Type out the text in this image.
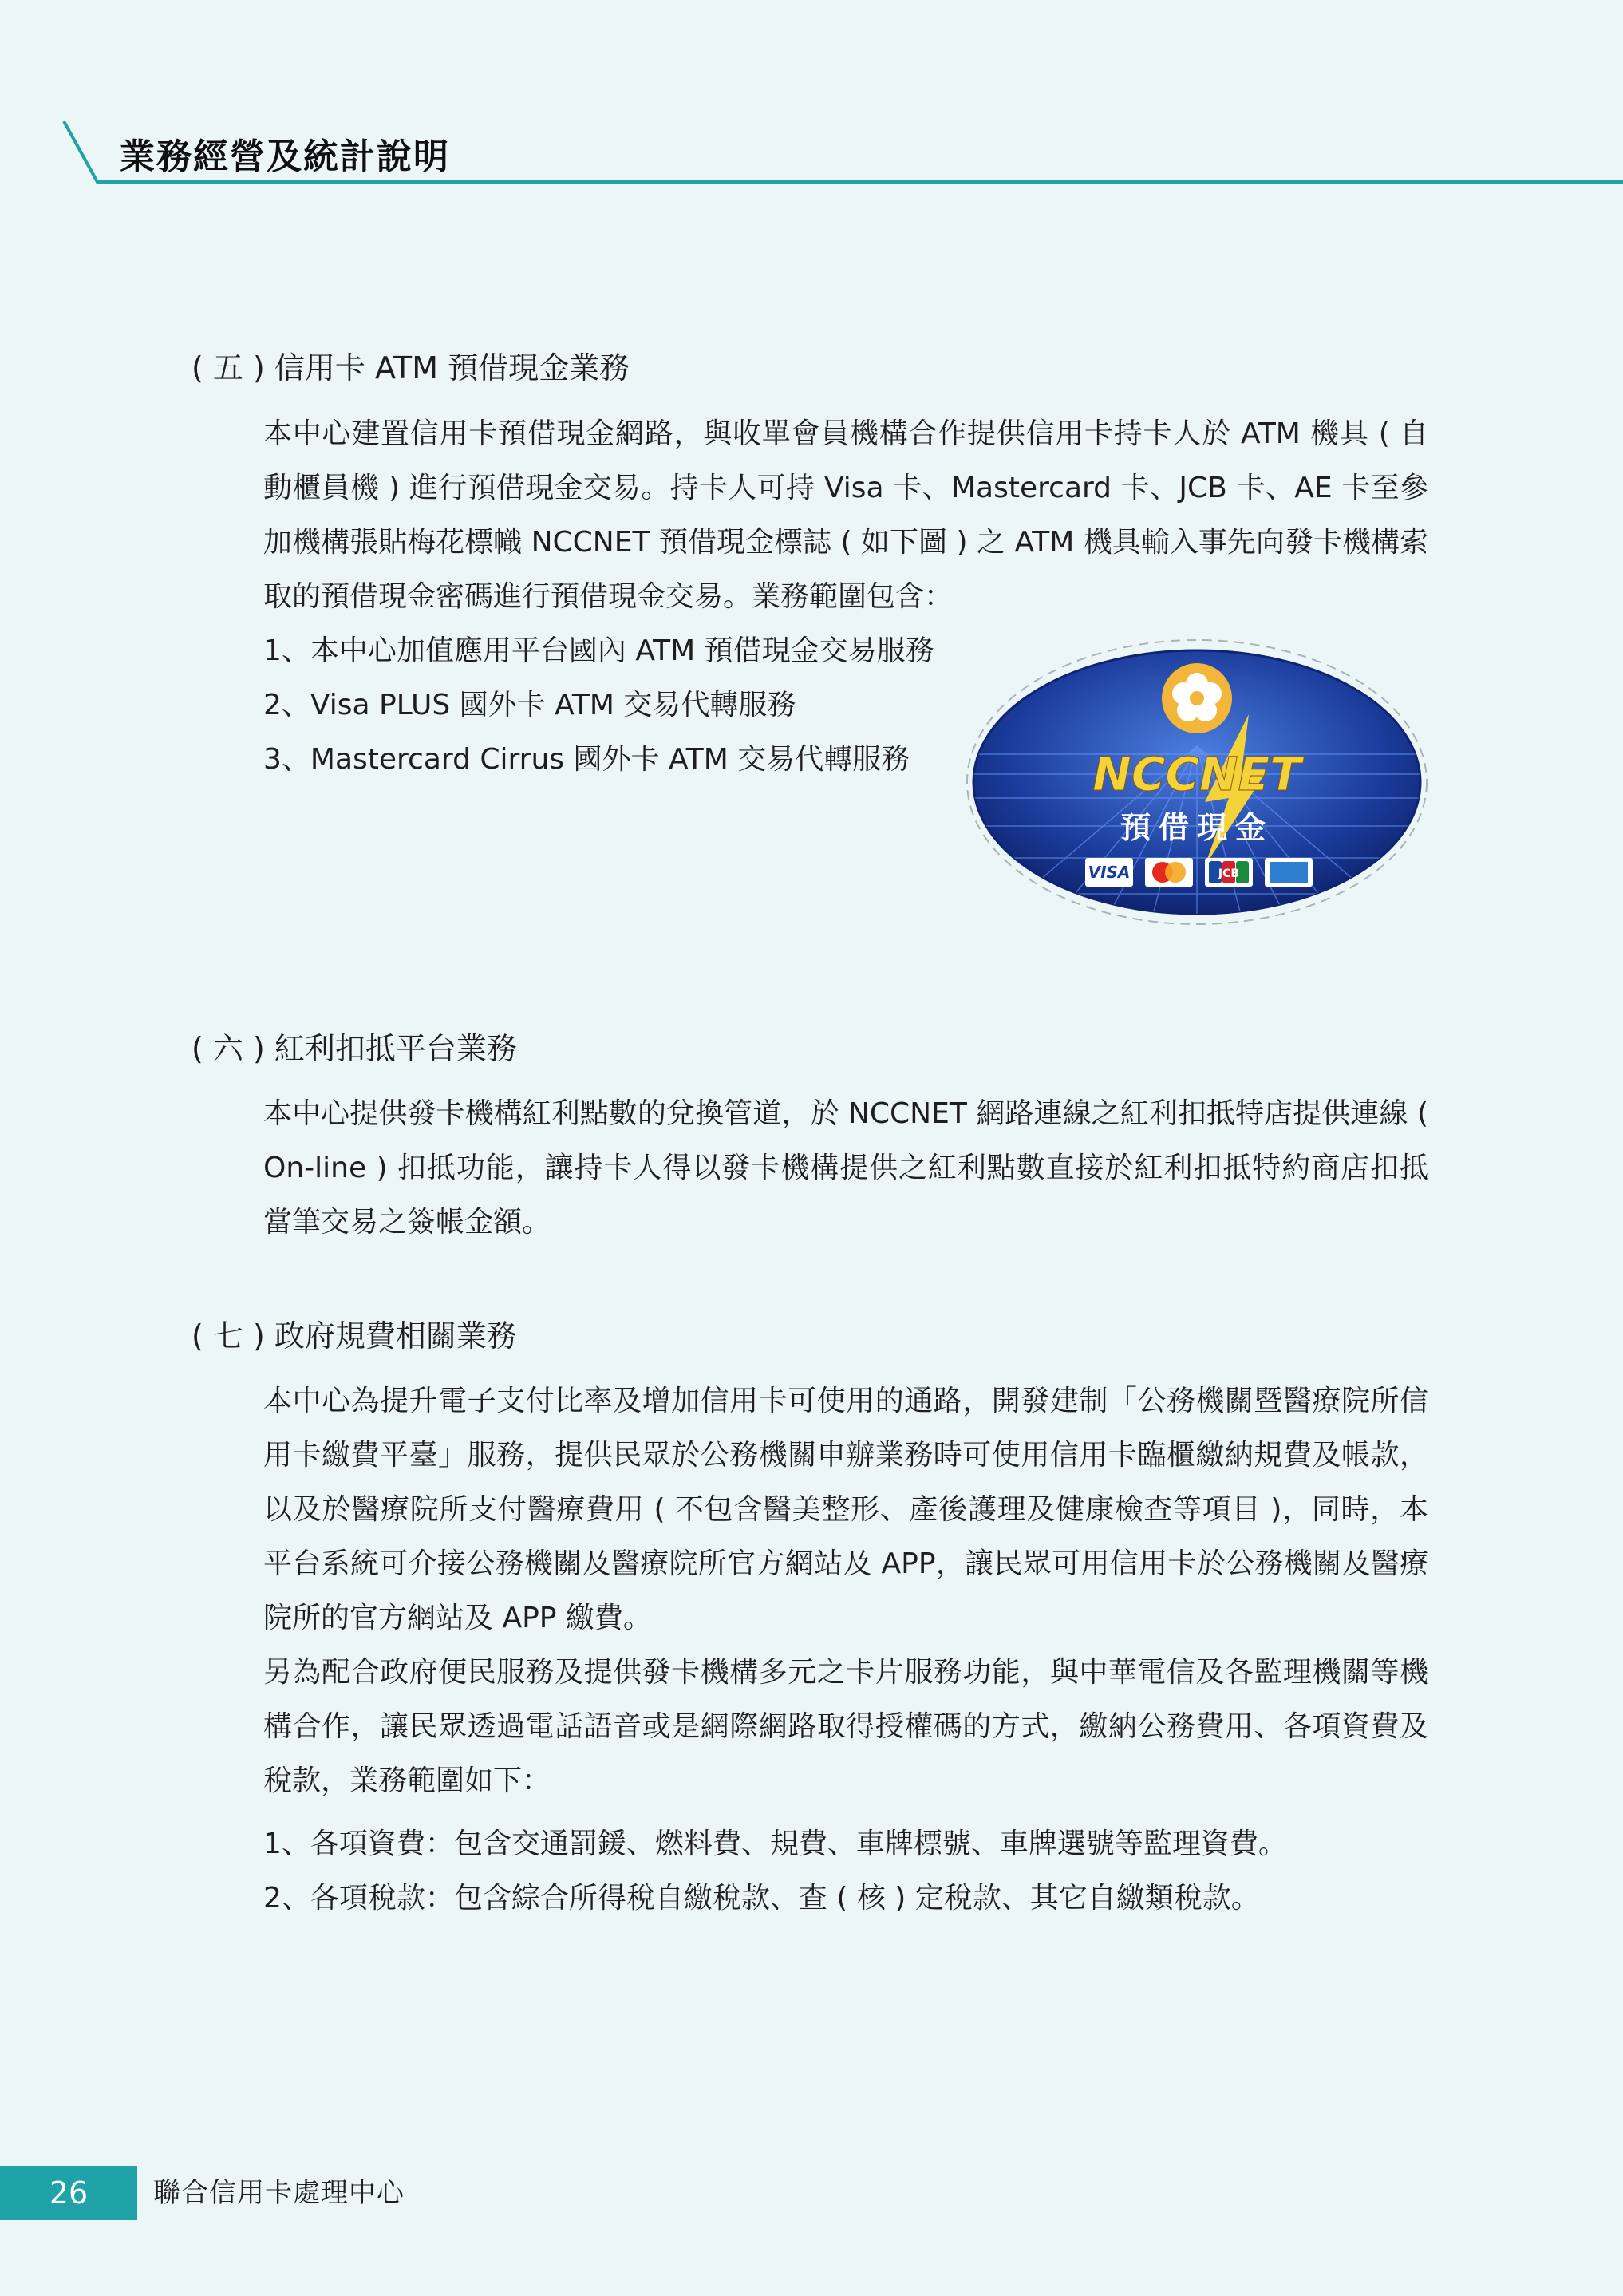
業務經營及統計說明
( 五 ) 信用卡 ATM 預借現金業務

本中心建置信用卡預借現金網路，與收單會員機構合作提供信用卡持卡人於 ATM 機具 ( 自動櫃員機 ) 進行預借現金交易。持卡人可持 Visa 卡、Mastercard 卡、JCB 卡、AE 卡至參加機構張貼梅花標幟 NCCNET 預借現金標誌 ( 如下圖 ) 之 ATM 機具輸入事先向發卡機構索取的預借現金密碼進行預借現金交易。業務範圍包含：

1、本中心加值應用平台國內 ATM 預借現金交易服務
2、Visa PLUS 國外卡 ATM 交易代轉服務
3、Mastercard Cirrus 國外卡 ATM 交易代轉服務	NCCNET
預借現金
VISA	JCB
( 六 ) 紅利扣抵平台業務

本中心提供發卡機構紅利點數的兌換管道，於 NCCNET 網路連線之紅利扣抵特店提供連線 ( On-line ) 扣抵功能，讓持卡人得以發卡機構提供之紅利點數直接於紅利扣抵特約商店扣抵當筆交易之簽帳金額。

( 七 ) 政府規費相關業務

本中心為提升電子支付比率及增加信用卡可使用的通路，開發建制「公務機關暨醫療院所信用卡繳費平臺」服務，提供民眾於公務機關申辦業務時可使用信用卡臨櫃繳納規費及帳款，以及於醫療院所支付醫療費用 ( 不包含醫美整形、產後護理及健康檢查等項目 )，同時，本平台系統可介接公務機關及醫療院所官方網站及 APP，讓民眾可用信用卡於公務機關及醫療院所的官方網站及 APP 繳費。

另為配合政府便民服務及提供發卡機構多元之卡片服務功能，與中華電信及各監理機關等機構合作，讓民眾透過電話語音或是網際網路取得授權碼的方式，繳納公務費用、各項資費及稅款，業務範圍如下：

1、各項資費：包含交通罰鍰、燃料費、規費、車牌標號、車牌選號等監理資費。
2、各項稅款：包含綜合所得稅自繳稅款、查 ( 核 ) 定稅款、其它自繳類稅款。
26	聯合信用卡處理中心
